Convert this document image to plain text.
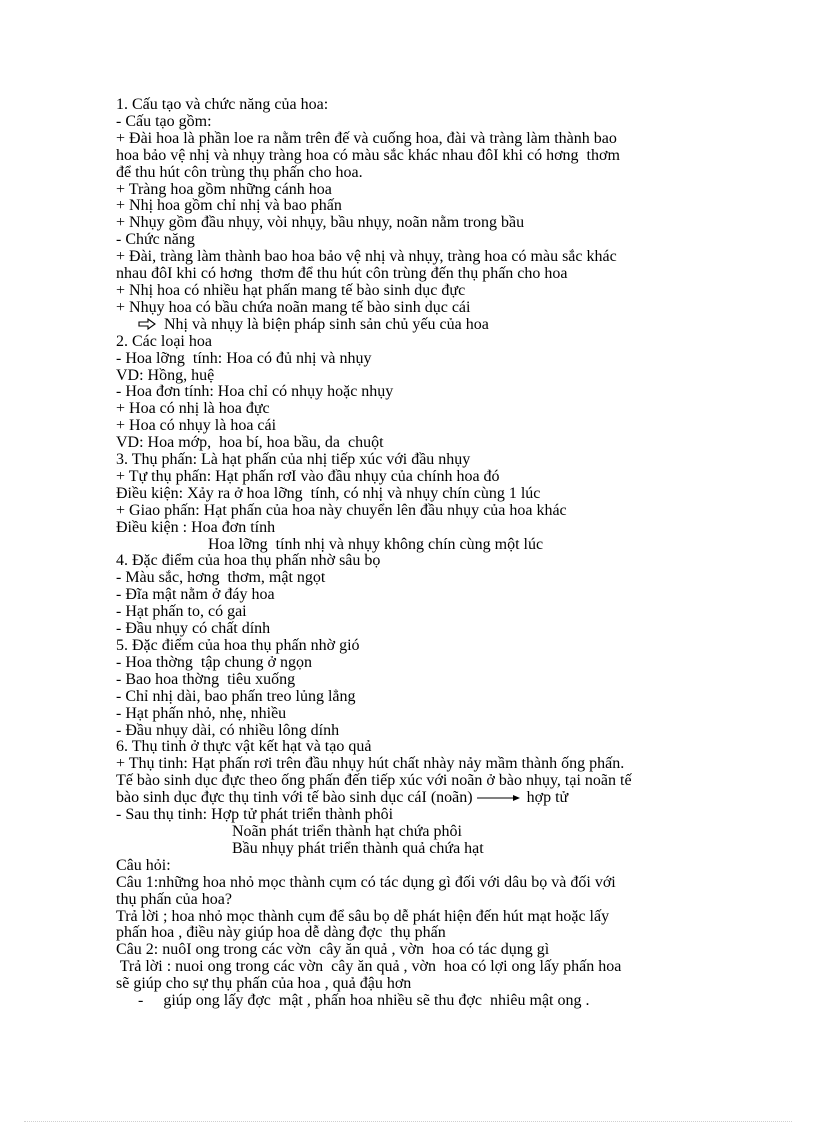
1. Cấu tạo và chức năng của hoa:
- Cấu tạo gồm:
+ Đài hoa là phần loe ra nằm trên đế và cuống hoa, đài và tràng làm thành bao
hoa bảo vệ nhị và nhụy tràng hoa có màu sắc khác nhau đôI khi có hơng  thơm
để thu hút côn trùng thụ phấn cho hoa.
+ Tràng hoa gồm những cánh hoa
+ Nhị hoa gồm chỉ nhị và bao phấn
+ Nhụy gồm đầu nhụy, vòi nhụy, bầu nhụy, noãn nằm trong bầu
- Chức năng
+ Đài, tràng làm thành bao hoa bảo vệ nhị và nhụy, tràng hoa có màu sắc khác
nhau đôI khi có hơng  thơm để thu hút côn trùng đến thụ phấn cho hoa
+ Nhị hoa có nhiều hạt phấn mang tế bào sinh dục đực
+ Nhụy hoa có bầu chứa noãn mang tế bào sinh dục cái
Nhị và nhụy là biện pháp sinh sản chủ yếu của hoa
2. Các loại hoa
- Hoa lỡng  tính: Hoa có đủ nhị và nhụy
VD: Hồng, huệ
- Hoa đơn tính: Hoa chỉ có nhụy hoặc nhụy
+ Hoa có nhị là hoa đực
+ Hoa có nhụy là hoa cái
VD: Hoa mớp,  hoa bí, hoa bầu, da  chuột
3. Thụ phấn: Là hạt phấn của nhị tiếp xúc với đầu nhụy
+ Tự thụ phấn: Hạt phấn rơI vào đầu nhụy của chính hoa đó
Điều kiện: Xảy ra ở hoa lỡng  tính, có nhị và nhụy chín cùng 1 lúc
+ Giao phấn: Hạt phấn của hoa này chuyển lên đầu nhụy của hoa khác
Điều kiện : Hoa đơn tính
Hoa lỡng  tính nhị và nhụy không chín cùng một lúc
4. Đặc điểm của hoa thụ phấn nhờ sâu bọ
- Màu sắc, hơng  thơm, mật ngọt
- Đĩa mật nằm ở đáy hoa
- Hạt phấn to, có gai
- Đầu nhụy có chất dính
5. Đặc điểm của hoa thụ phấn nhờ gió
- Hoa thờng  tập chung ở ngọn
- Bao hoa thờng  tiêu xuống
- Chỉ nhị dài, bao phấn treo lủng lẳng
- Hạt phấn nhỏ, nhẹ, nhiều
- Đầu nhụy dài, có nhiều lông dính
6. Thụ tinh ở thực vật kết hạt và tạo quả
+ Thụ tinh: Hạt phấn rơi trên đầu nhụy hút chất nhày nảy mầm thành ống phấn.
Tế bào sinh dục đực theo ống phấn đến tiếp xúc với noãn ở bào nhụy, tại noãn tế
bào sinh dục đực thụ tinh với tế bào sinh dục cáI (noãn)	hợp tử
- Sau thụ tinh: Hợp tử phát triển thành phôi
Noãn phát triển thành hạt chứa phôi
Bầu nhụy phát triển thành quả chứa hạt
Câu hỏi:
Câu 1:những hoa nhỏ mọc thành cụm có tác dụng gì đối với dâu bọ và đối với
thụ phấn của hoa?
Trả lời ; hoa nhỏ mọc thành cụm để sâu bọ dễ phát hiện đến hút mạt hoặc lấy
phấn hoa , điều này giúp hoa dễ dàng đợc  thụ phấn
Câu 2: nuôI ong trong các vờn  cây ăn quả , vờn  hoa có tác dụng gì
Trả lời : nuoi ong trong các vờn  cây ăn quả , vờn  hoa có lợi ong lấy phấn hoa
sẽ giúp cho sự thụ phấn của hoa , quả đậu hơn
- giúp ong lấy đợc  mật , phấn hoa nhiều sẽ thu đợc  nhiêu mật ong .
